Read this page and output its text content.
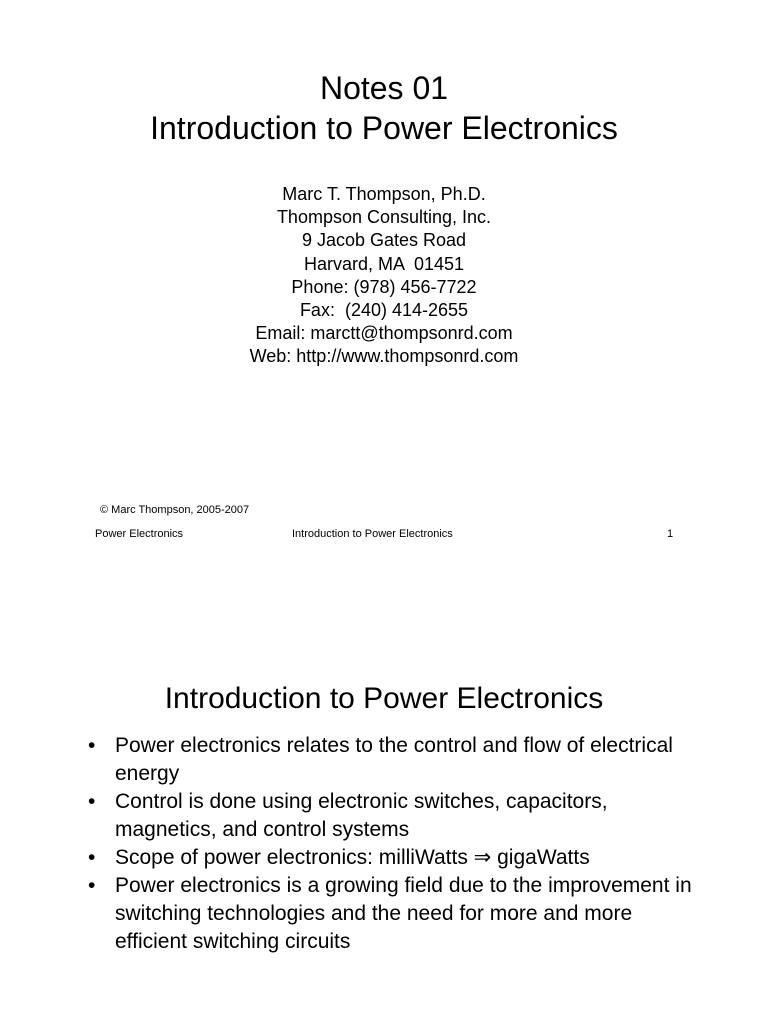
Notes 01
Introduction to Power Electronics
Marc T. Thompson, Ph.D.
Thompson Consulting, Inc.
9 Jacob Gates Road
Harvard, MA  01451
Phone: (978) 456-7722
Fax:  (240) 414-2655
Email: marctt@thompsonrd.com
Web: http://www.thompsonrd.com
© Marc Thompson, 2005-2007
Power Electronics	Introduction to Power Electronics	1
Introduction to Power Electronics
• Power electronics relates to the control and flow of electrical energy
• Control is done using electronic switches, capacitors, magnetics, and control systems
• Scope of power electronics: milliWatts ⇒ gigaWatts
• Power electronics is a growing field due to the improvement in switching technologies and the need for more and more efficient switching circuits
